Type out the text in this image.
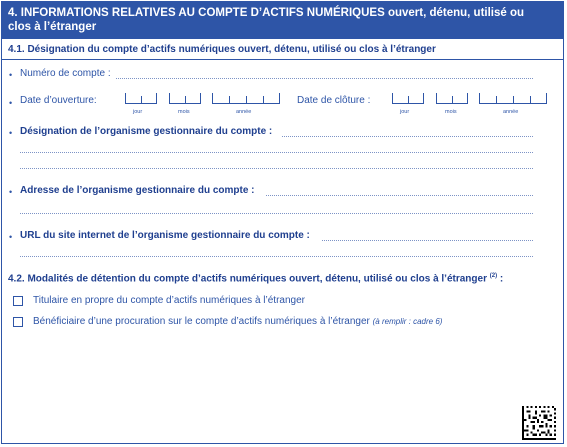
4. INFORMATIONS RELATIVES AU COMPTE D’ACTIFS NUMÉRIQUES ouvert, détenu, utilisé ou
clos à l’étranger
4.1. Désignation du compte d’actifs numériques ouvert, détenu, utilisé ou clos à l’étranger
• Numéro de compte :
• Date d’ouverture:
jour	mois	année
Date de clôture :
jour	mois	année
• Désignation de l’organisme gestionnaire du compte :
• Adresse de l’organisme gestionnaire du compte :
• URL du site internet de l’organisme gestionnaire du compte :
4.2. Modalités de détention du compte d’actifs numériques ouvert, détenu, utilisé ou clos à l’étranger $^{(2)}$ :
Titulaire en propre du compte d’actifs numériques à l’étranger
Bénéficiaire d’une procuration sur le compte d’actifs numériques à l’étranger (à remplir : cadre 6)
